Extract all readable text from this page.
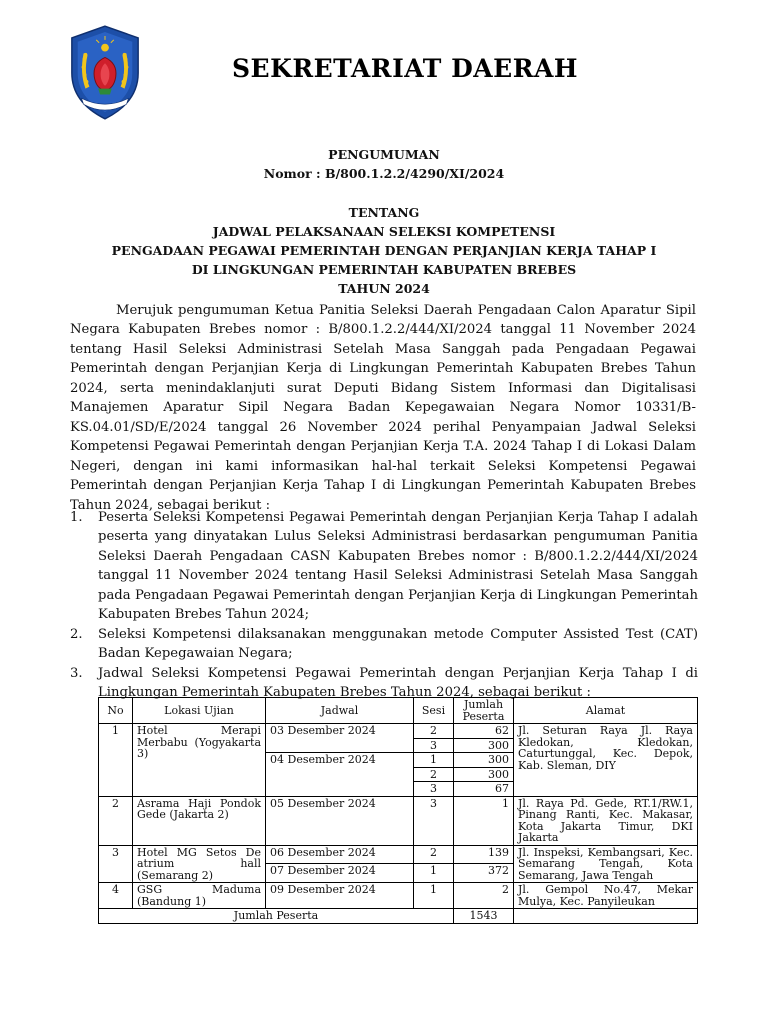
SEKRETARIAT DAERAH
PENGUMUMAN
Nomor : B/800.1.2.2/4290/XI/2024
TENTANG
JADWAL PELAKSANAAN SELEKSI KOMPETENSI
PENGADAAN PEGAWAI PEMERINTAH DENGAN PERJANJIAN KERJA TAHAP I
DI LINGKUNGAN PEMERINTAH KABUPATEN BREBES
TAHUN 2024
Merujuk pengumuman Ketua Panitia Seleksi Daerah Pengadaan Calon Aparatur Sipil Negara Kabupaten Brebes nomor : B/800.1.2.2/444/XI/2024 tanggal 11 November 2024 tentang Hasil Seleksi Administrasi Setelah Masa Sanggah pada Pengadaan Pegawai Pemerintah dengan Perjanjian Kerja di Lingkungan Pemerintah Kabupaten Brebes Tahun 2024, serta menindaklanjuti surat Deputi Bidang Sistem Informasi dan Digitalisasi Manajemen Aparatur Sipil Negara Badan Kepegawaian Negara Nomor 10331/B-KS.04.01/SD/E/2024 tanggal 26 November 2024 perihal Penyampaian Jadwal Seleksi Kompetensi Pegawai Pemerintah dengan Perjanjian Kerja T.A. 2024 Tahap I di Lokasi Dalam Negeri, dengan ini kami informasikan hal-hal terkait Seleksi Kompetensi Pegawai Pemerintah dengan Perjanjian Kerja Tahap I di Lingkungan Pemerintah Kabupaten Brebes Tahun 2024, sebagai berikut :
1. Peserta Seleksi Kompetensi Pegawai Pemerintah dengan Perjanjian Kerja Tahap I adalah peserta yang dinyatakan Lulus Seleksi Administrasi berdasarkan pengumuman Panitia Seleksi Daerah Pengadaan CASN Kabupaten Brebes nomor : B/800.1.2.2/444/XI/2024 tanggal 11 November 2024 tentang Hasil Seleksi Administrasi Setelah Masa Sanggah pada Pengadaan Pegawai Pemerintah dengan Perjanjian Kerja di Lingkungan Pemerintah Kabupaten Brebes Tahun 2024;
2. Seleksi Kompetensi dilaksanakan menggunakan metode Computer Assisted Test (CAT) Badan Kepegawaian Negara;
3. Jadwal Seleksi Kompetensi Pegawai Pemerintah dengan Perjanjian Kerja Tahap I di Lingkungan Pemerintah Kabupaten Brebes Tahun 2024, sebagai berikut :
No	Lokasi Ujian	Jadwal	Sesi	Jumlah Peserta	Alamat
1	Hotel Merapi Merbabu (Yogyakarta 3)	03 Desember 2024	2	62	Jl. Seturan Raya Jl. Raya Kledokan, Kledokan, Caturtunggal, Kec. Depok, Kab. Sleman, DIY
			3	300	
		04 Desember 2024	1	300	
			2	300	
			3	67	
2	Asrama Haji Pondok Gede (Jakarta 2)	05 Desember 2024	3	1	Jl. Raya Pd. Gede, RT.1/RW.1, Pinang Ranti, Kec. Makasar, Kota Jakarta Timur, DKI Jakarta
3	Hotel MG Setos De atrium hall (Semarang 2)	06 Desember 2024	2	139	Jl. Inspeksi, Kembangsari, Kec. Semarang Tengah, Kota Semarang, Jawa Tengah
		07 Desember 2024	1	372	
4	GSG Maduma (Bandung 1)	09 Desember 2024	1	2	Jl. Gempol No.47, Mekar Mulya, Kec. Panyileukan
Jumlah Peserta				1543	
